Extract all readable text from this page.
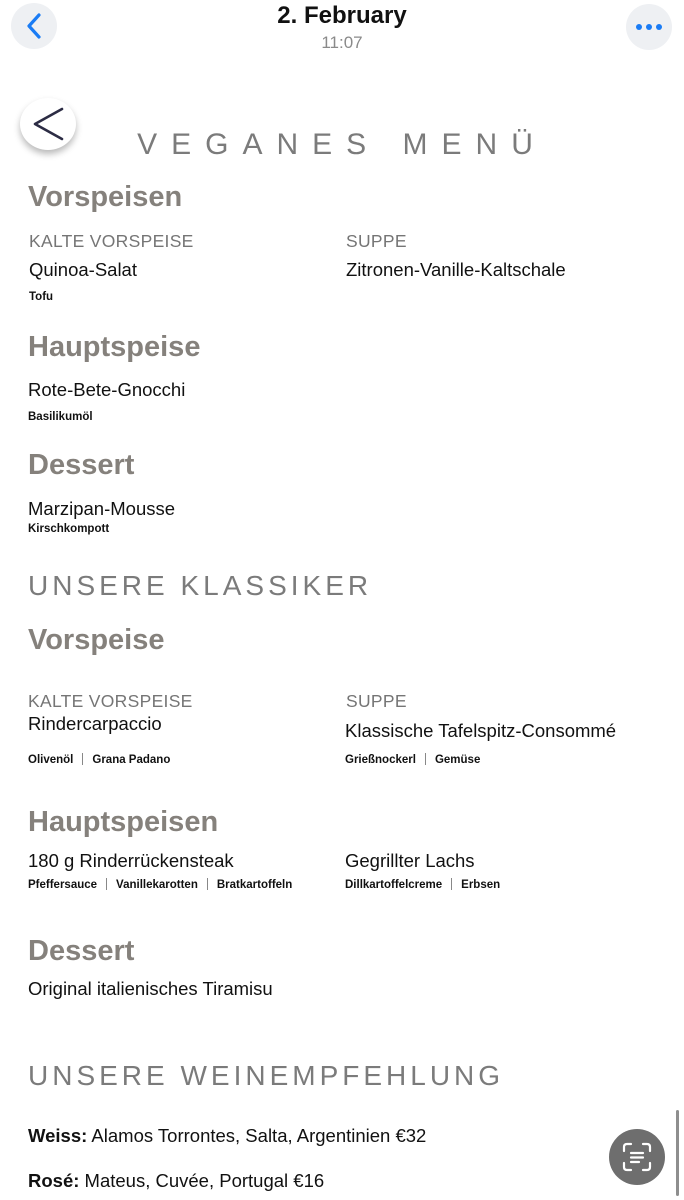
2. February
11:07
VEGANES MENÜ
Vorspeisen
KALTE VORSPEISE	SUPPE
Quinoa-Salat	Zitronen-Vanille-Kaltschale
Tofu
Hauptspeise
Rote-Bete-Gnocchi
Basilikumöl
Dessert
Marzipan-Mousse
Kirschkompott
UNSERE KLASSIKER
Vorspeise
KALTE VORSPEISE	SUPPE
Rindercarpaccio	Klassische Tafelspitz-Consommé
Olivenöl Grana Padano	Grießnockerl Gemüse
Hauptspeisen
180 g Rinderrückensteak	Gegrillter Lachs
Pfeffersauce Vanillekarotten Bratkartoffeln	Dillkartoffelcreme Erbsen
Dessert
Original italienisches Tiramisu
UNSERE WEINEMPFEHLUNG
Weiss: Alamos Torrontes, Salta, Argentinien €32
Rosé: Mateus, Cuvée, Portugal €16
